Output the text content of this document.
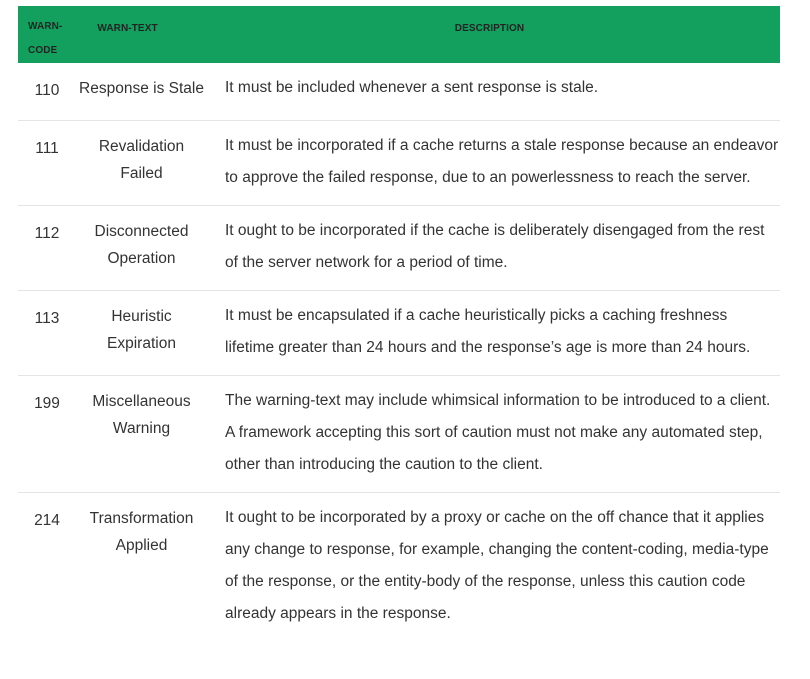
WARN-CODE	WARN-TEXT	DESCRIPTION
110	Response is Stale	It must be included whenever a sent response is stale.
111	Revalidation Failed	It must be incorporated if a cache returns a stale response because an endeavor to approve the failed response, due to an powerlessness to reach the server.
112	Disconnected Operation	It ought to be incorporated if the cache is deliberately disengaged from the rest of the server network for a period of time.
113	Heuristic Expiration	It must be encapsulated if a cache heuristically picks a caching freshness lifetime greater than 24 hours and the response’s age is more than 24 hours.
199	Miscellaneous Warning	The warning-text may include whimsical information to be introduced to a client. A framework accepting this sort of caution must not make any automated step, other than introducing the caution to the client.
214	Transformation Applied	It ought to be incorporated by a proxy or cache on the off chance that it applies any change to response, for example, changing the content-coding, media-type of the response, or the entity-body of the response, unless this caution code already appears in the response.
